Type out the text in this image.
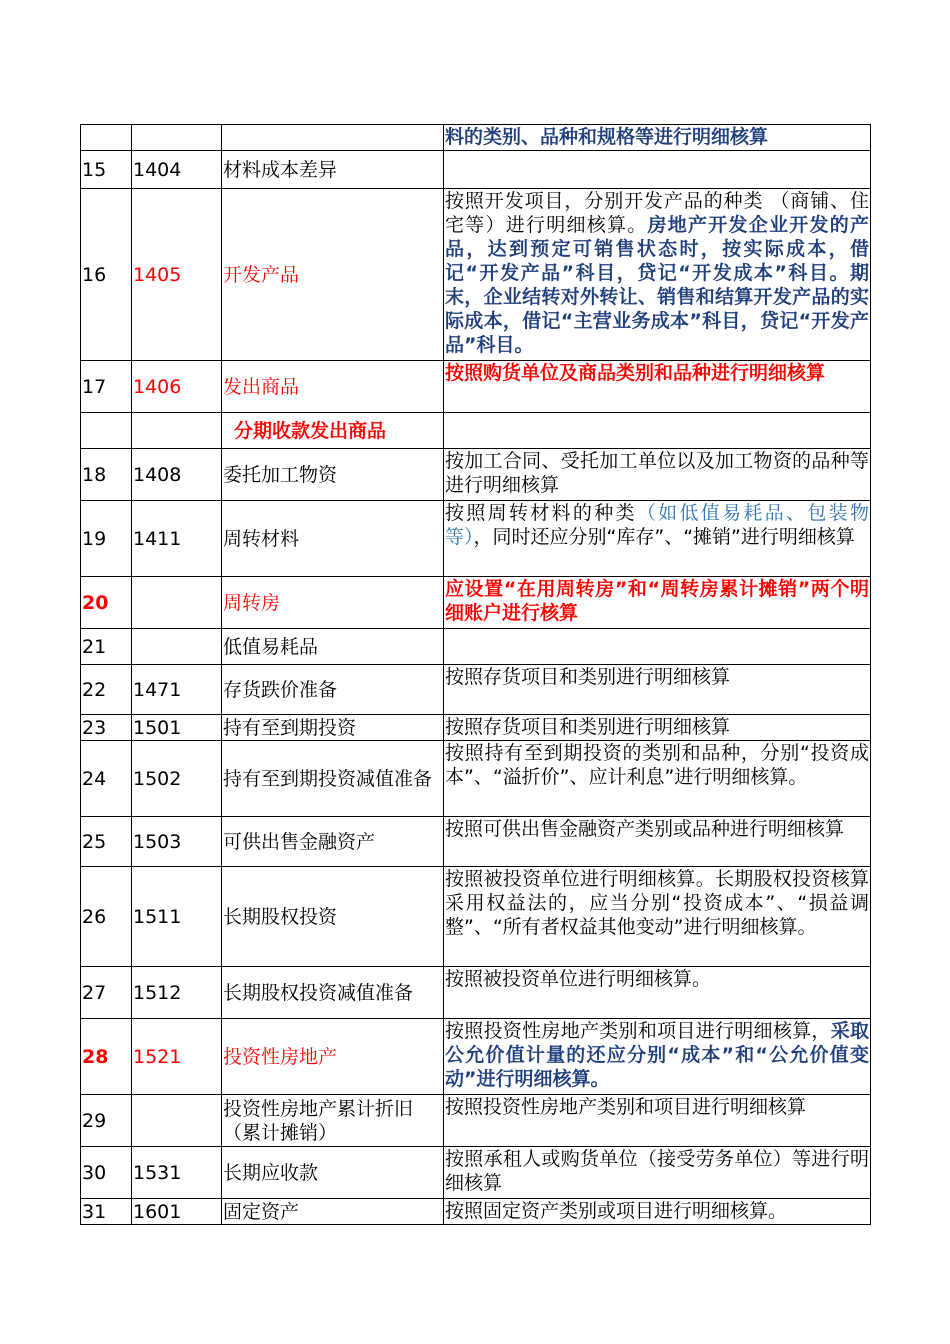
			料的类别、品种和规格等进行明细核算
15	1404	材料成本差异	
16	1405	开发产品	按照开发项目，分别开发产品的种类 （商铺、住宅等）进行明细核算。房地产开发企业开发的产品，达到预定可销售状态时，按实际成本，借记“开发产品”科目，贷记“开发成本”科目。期末，企业结转对外转让、销售和结算开发产品的实际成本，借记“主营业务成本”科目，贷记“开发产品”科目。
17	1406	发出商品	按照购货单位及商品类别和品种进行明细核算
		分期收款发出商品	
18	1408	委托加工物资	按加工合同、受托加工单位以及加工物资的品种等进行明细核算
19	1411	周转材料	按照周转材料的种类（如低值易耗品、包装物等），同时还应分别“库存”、“摊销”进行明细核算
20		周转房	应设置“在用周转房”和“周转房累计摊销”两个明细账户进行核算
21		低值易耗品	
22	1471	存货跌价准备	按照存货项目和类别进行明细核算
23	1501	持有至到期投资	按照存货项目和类别进行明细核算
24	1502	持有至到期投资减值准备	按照持有至到期投资的类别和品种，分别“投资成本”、“溢折价”、应计利息”进行明细核算。
25	1503	可供出售金融资产	按照可供出售金融资产类别或品种进行明细核算
26	1511	长期股权投资	按照被投资单位进行明细核算。长期股权投资核算采用权益法的，应当分别“投资成本”、“损益调整”、“所有者权益其他变动”进行明细核算。
27	1512	长期股权投资减值准备	按照被投资单位进行明细核算。
28	1521	投资性房地产	按照投资性房地产类别和项目进行明细核算，采取公允价值计量的还应分别“成本”和“公允价值变动”进行明细核算。
29		投资性房地产累计折旧（累计摊销）	按照投资性房地产类别和项目进行明细核算
30	1531	长期应收款	按照承租人或购货单位（接受劳务单位）等进行明细核算
31	1601	固定资产	按照固定资产类别或项目进行明细核算。
